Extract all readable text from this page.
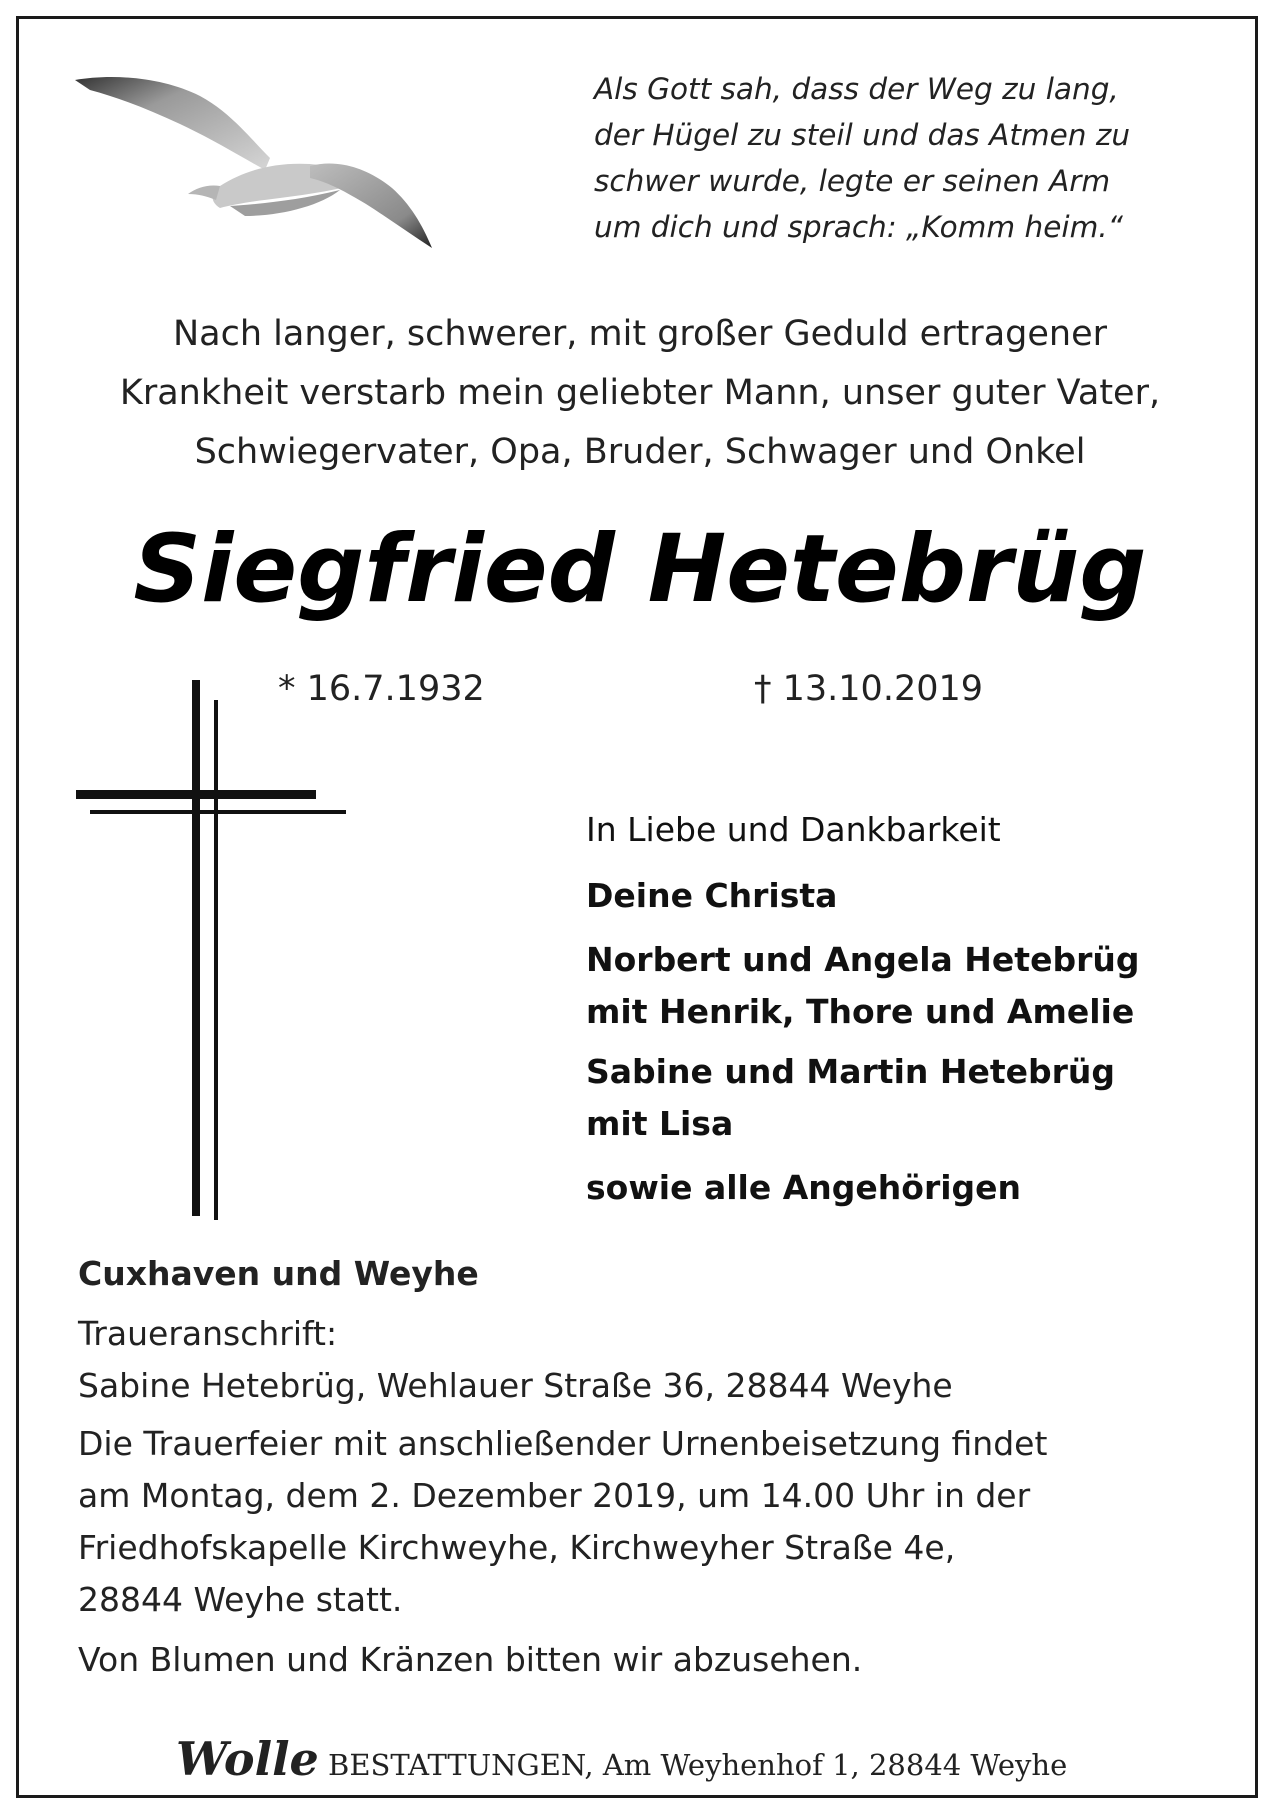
Als Gott sah, dass der Weg zu lang,
der Hügel zu steil und das Atmen zu
schwer wurde, legte er seinen Arm
um dich und sprach: „Komm heim.“
Nach langer, schwerer, mit großer Geduld ertragener
Krankheit verstarb mein geliebter Mann, unser guter Vater,
Schwiegervater, Opa, Bruder, Schwager und Onkel
Siegfried Hetebrüg
* 16.7.1932	† 13.10.2019
In Liebe und Dankbarkeit
Deine Christa
Norbert und Angela Hetebrüg
mit Henrik, Thore und Amelie
Sabine und Martin Hetebrüg
mit Lisa
sowie alle Angehörigen
Cuxhaven und Weyhe
Traueranschrift:
Sabine Hetebrüg, Wehlauer Straße 36, 28844 Weyhe
Die Trauerfeier mit anschließender Urnenbeisetzung findet
am Montag, dem 2. Dezember 2019, um 14.00 Uhr in der
Friedhofskapelle Kirchweyhe, Kirchweyher Straße 4e,
28844 Weyhe statt.
Von Blumen und Kränzen bitten wir abzusehen.
Wolle BESTATTUNGEN, Am Weyhenhof 1, 28844 Weyhe
